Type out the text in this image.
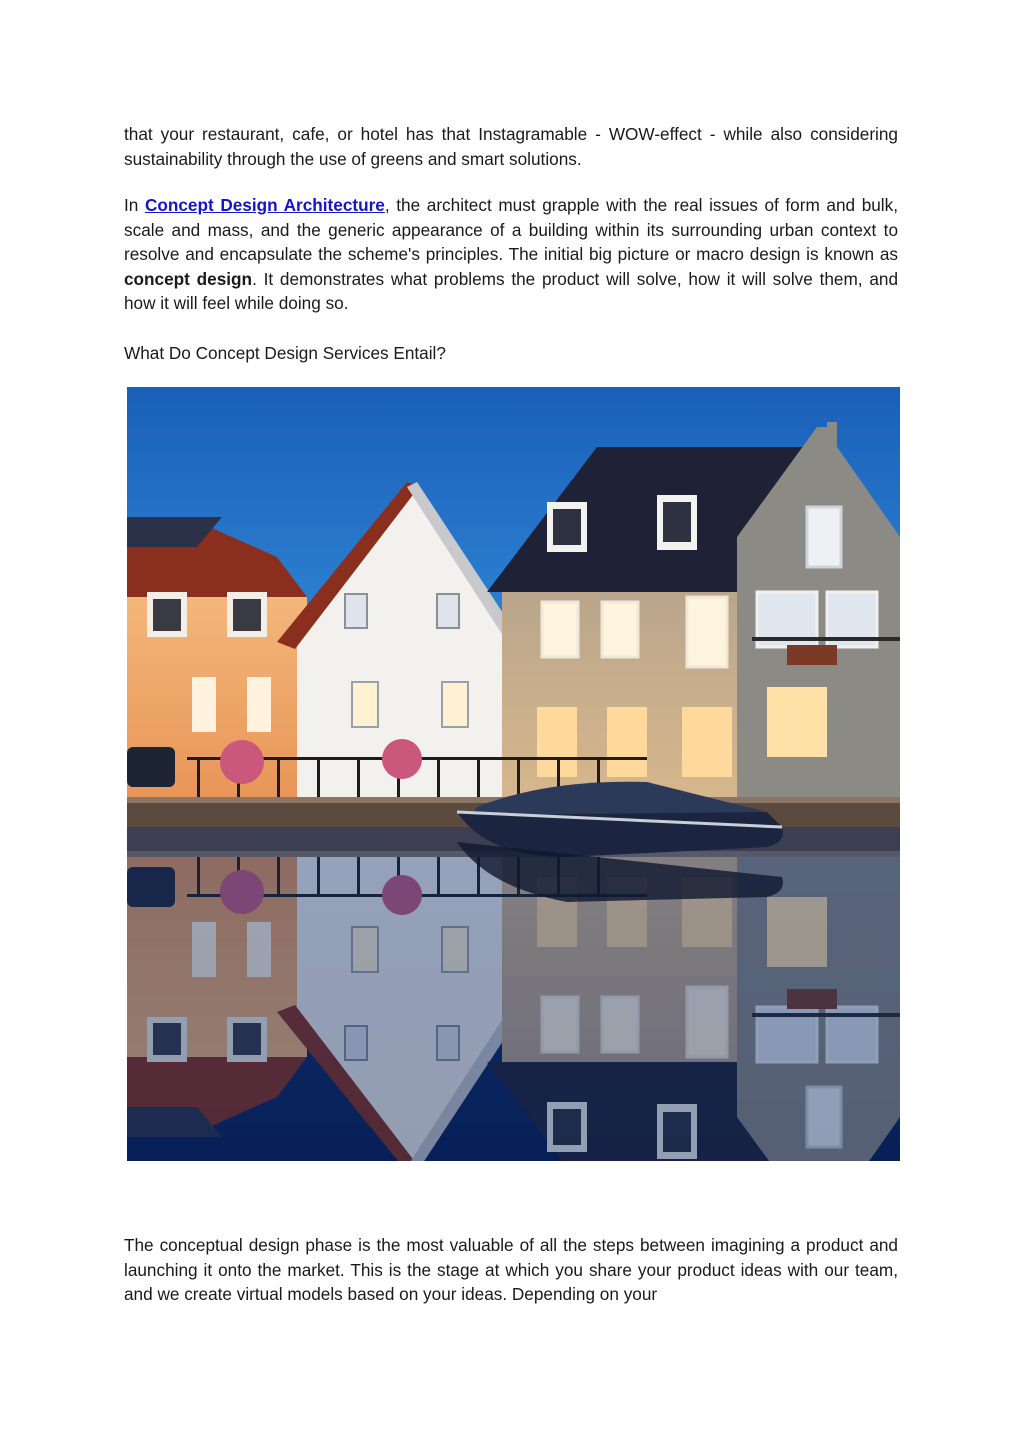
that your restaurant, cafe, or hotel has that Instagramable - WOW-effect - while also considering sustainability through the use of greens and smart solutions.

In Concept Design Architecture, the architect must grapple with the real issues of form and bulk, scale and mass, and the generic appearance of a building within its surrounding urban context to resolve and encapsulate the scheme's principles. The initial big picture or macro design is known as concept design. It demonstrates what problems the product will solve, how it will solve them, and how it will feel while doing so.

What Do Concept Design Services Entail?

The conceptual design phase is the most valuable of all the steps between imagining a product and launching it onto the market. This is the stage at which you share your product ideas with our team, and we create virtual models based on your ideas. Depending on your
